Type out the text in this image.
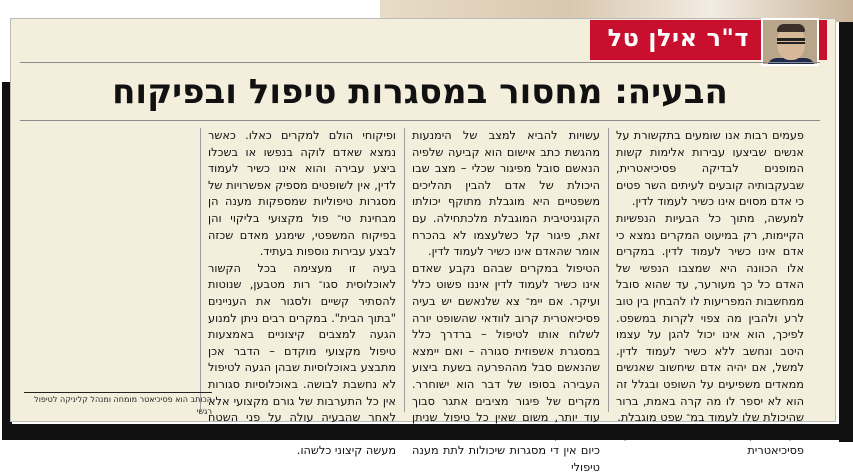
ד"ר אילן טל
הבעיה: מחסור במסגרות טיפול ובפיקוח

פעמים רבות אנו שומעים בתקשורת על אנשים שביצעו עבירות אלימות קשות המופנים לבדיקה פסיכיאטרית, שבעקבותיה קובעים לעיתים השר פטים כי אדם מסוים אינו כשיר לעמוד לדין.

למעשה, מתוך כל הבעיות הנפשיות הקיימות, רק במיעוט המקרים נמצא כי אדם אינו כשיר לעמוד לדין. במקרים אלו הכוונה היא שמצבו הנפשי של האדם כל כך מעורער, עד שהוא סובל ממחשבות המפריעות לו להבחין בין טוב לרע ולהבין מה צפוי לקרות במשפט. לפיכך, הוא אינו יכול להגן על עצמו היטב ונחשב ללא כשיר לעמוד לדין. למשל, אם יהיה אדם שיחשוב שאנשים ממאדים משפיעים על השופט ובגלל זה הוא לא יספר לו מה קרה באמת, ברור שהיכולת שלו לעמוד במ־ שפט מוגבלת.

מקרה נוסף שבו תוצאות של בדיקה פסיכיאטרית

עשויות להביא למצב של הימנעות מהגשת כתב אישום הוא קביעה שלפיה הנאשם סובל מפיגור שכלי – מצב שבו היכולת של אדם להבין תהליכים משפטיים היא מוגבלת מתוקף יכולתו הקוגניטיבית המוגבלת מלכתחילה. עם זאת, פיגור קל כשלעצמו לא בהכרח אומר שהאדם אינו כשיר לעמוד לדין.

הטיפול במקרים שבהם נקבע שאדם אינו כשיר לעמוד לדין איננו פשוט כלל ועיקר. אם יימ־ צא שלנאשם יש בעיה פסיכיאטרית קרוב לוודאי שהשופט יורה לשלוח אותו לטיפול – ברדרך כלל במסגרת אשפוזית סגורה – ואם יימצא שהנאשם סבל מההפרעה בשעת ביצוע העבירה בסופו של דבר הוא ישוחרר. מקרים של פיגור מציבים אתגר סבוך עוד יותר, משום שאין כל טיפול שניתן להי־ עניק לנאשם.

כיום אין די מסגרות שיכולות לתת מענה טיפולי

ופיקוחי הולם למקרים כאלו. כאשר נמצא שאדם לוקה בנפשו או בשכלו ביצע עבירה והוא אינו כשיר לעמוד לדין, אין לשופטים מספיק אפשרויות של מסגרות טיפוליות שמספקות מענה הן מבחינת טי־ פול מקצועי בליקוי והן בפיקוח המשפטי, שימנע מאדם שכזה לבצע עבירות נוספות בעתיד.

בעיה זו מעצימה בכל הקשור לאוכלוסית סגו־ רות מטבען, שנוטות להסתיר קשיים ולסגור את העניינים "בתוך הבית". במקרים רבים ניתן למנוע הגעה למצבים קיצוניים באמצעות טיפול מקצועי מוקדם – הדבר אכן מתבצע באוכלוסיות שבהן הגעה לטיפול לא נחשבת לבושה. באוכלוסיות סגורות אין כל התערבות של גורם מקצועי אלא לאחר שהבעיה עולה על פני השטח בפעם הראשונה – לאחר שבוצע כבר מעשה קיצוני כלשהו.

הכותב הוא פסיכיאטר מומחה ומנהל קליניקה לטיפול רגשי
